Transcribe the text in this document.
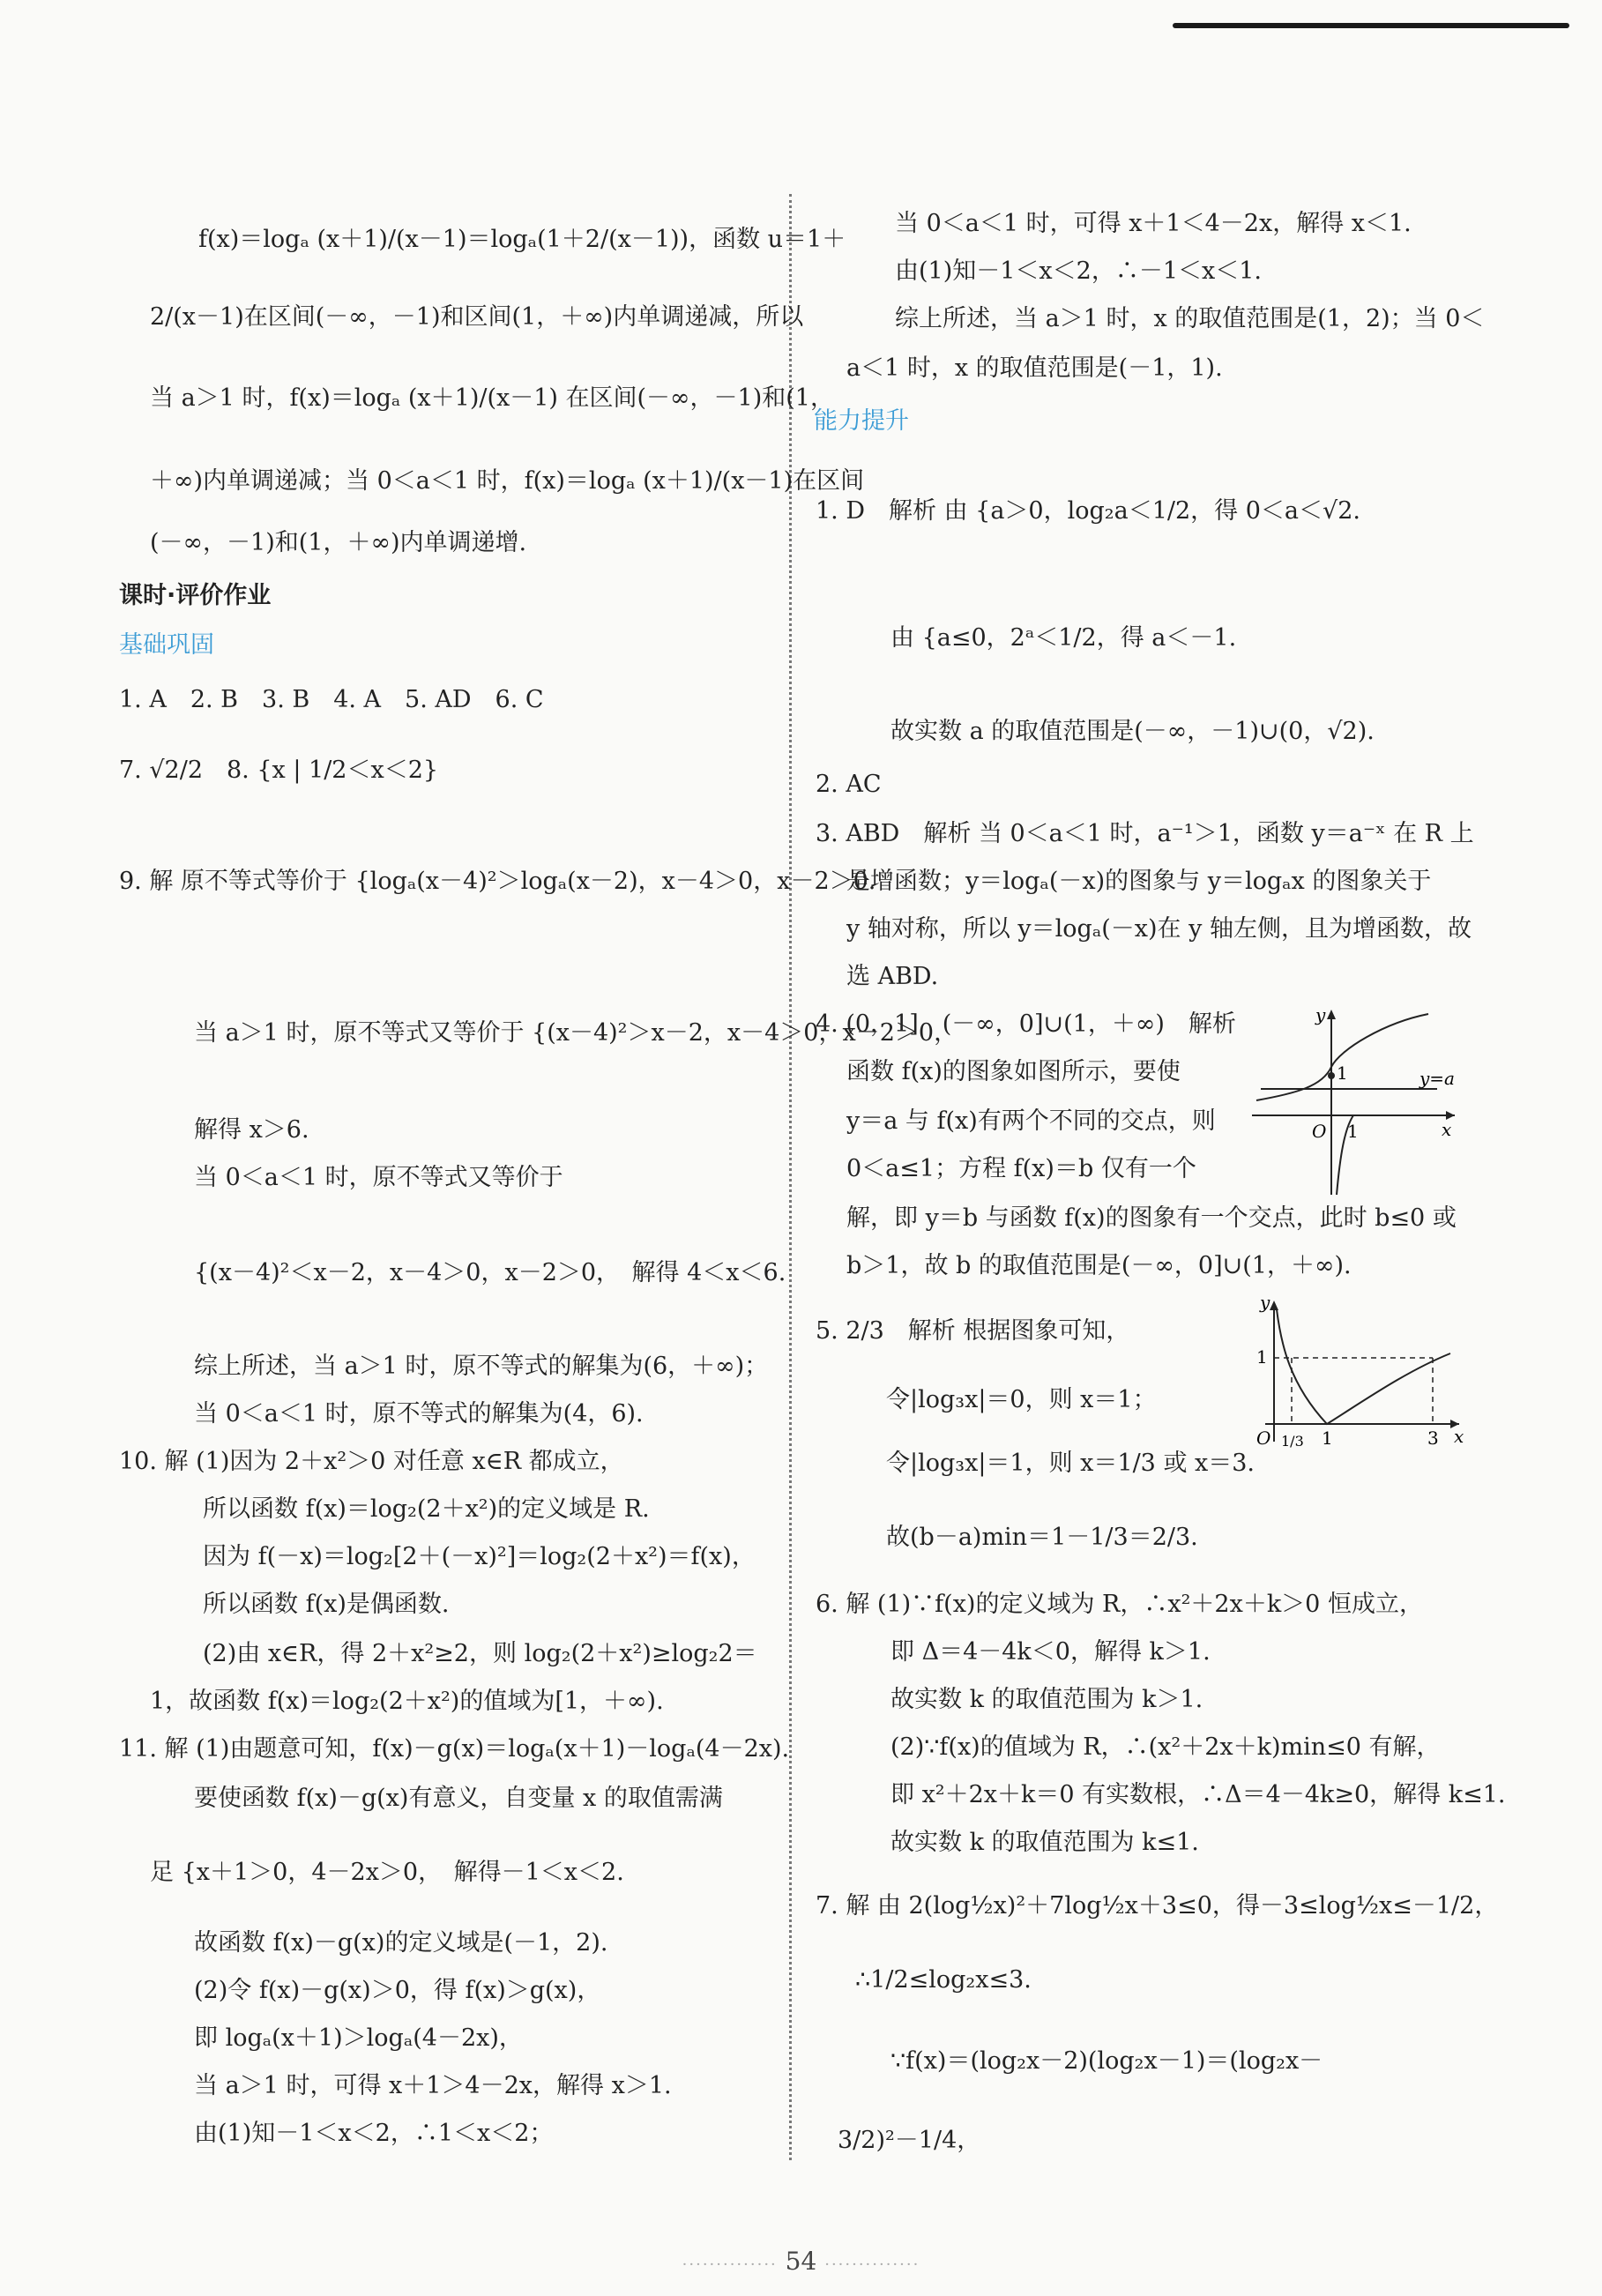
f(x)＝logₐ (x＋1)/(x－1)＝logₐ(1＋2/(x－1))，函数 u＝1＋
2/(x－1)在区间(－∞，－1)和区间(1，＋∞)内单调递减，所以
当 a＞1 时，f(x)＝logₐ (x＋1)/(x－1) 在区间(－∞，－1)和(1，
＋∞)内单调递减；当 0＜a＜1 时，f(x)＝logₐ (x＋1)/(x－1)在区间
(－∞，－1)和(1，＋∞)内单调递增.
课时·评价作业
基础巩固
1. A　2. B　3. B　4. A　5. AD　6. C
7. √2/2　8. {x | 1/2＜x＜2}
9. 解 原不等式等价于 {logₐ(x－4)²＞logₐ(x－2)，x－4＞0，x－2＞0.
当 a＞1 时，原不等式又等价于 {(x－4)²＞x－2，x－4＞0，x－2＞0，
解得 x＞6.
当 0＜a＜1 时，原不等式又等价于
{(x－4)²＜x－2，x－4＞0，x－2＞0，　解得 4＜x＜6.
综上所述，当 a＞1 时，原不等式的解集为(6，＋∞)；
当 0＜a＜1 时，原不等式的解集为(4，6).
10. 解 (1)因为 2＋x²＞0 对任意 x∈R 都成立，
所以函数 f(x)＝log₂(2＋x²)的定义域是 R.
因为 f(－x)＝log₂[2＋(－x)²]＝log₂(2＋x²)＝f(x)，
所以函数 f(x)是偶函数.
(2)由 x∈R，得 2＋x²≥2，则 log₂(2＋x²)≥log₂2＝
1，故函数 f(x)＝log₂(2＋x²)的值域为[1，＋∞).
11. 解 (1)由题意可知，f(x)－g(x)＝logₐ(x＋1)－logₐ(4－2x).
要使函数 f(x)－g(x)有意义，自变量 x 的取值需满
足 {x＋1＞0，4－2x＞0，　解得－1＜x＜2.
故函数 f(x)－g(x)的定义域是(－1，2).
(2)令 f(x)－g(x)＞0，得 f(x)＞g(x)，
即 logₐ(x＋1)＞logₐ(4－2x)，
当 a＞1 时，可得 x＋1＞4－2x，解得 x＞1.
由(1)知－1＜x＜2，∴1＜x＜2；
当 0＜a＜1 时，可得 x＋1＜4－2x，解得 x＜1.
由(1)知－1＜x＜2，∴－1＜x＜1.
综上所述，当 a＞1 时，x 的取值范围是(1，2)；当 0＜
a＜1 时，x 的取值范围是(－1，1).
能力提升
1. D　解析 由 {a＞0，log₂a＜1/2，得 0＜a＜√2.
由 {a≤0，2ᵃ＜1/2，得 a＜－1.
故实数 a 的取值范围是(－∞，－1)∪(0，√2).
2. AC
3. ABD　解析 当 0＜a＜1 时，a⁻¹＞1，函数 y＝a⁻ˣ 在 R 上
是增函数；y＝logₐ(－x)的图象与 y＝logₐx 的图象关于
y 轴对称，所以 y＝logₐ(－x)在 y 轴左侧，且为增函数，故
选 ABD.
4. (0，1]　(－∞，0]∪(1，＋∞)　解析
函数 f(x)的图象如图所示，要使
y＝a 与 f(x)有两个不同的交点，则
0＜a≤1；方程 f(x)＝b 仅有一个
解，即 y＝b 与函数 f(x)的图象有一个交点，此时 b≤0 或
b＞1，故 b 的取值范围是(－∞，0]∪(1，＋∞).
5. 2/3　解析 根据图象可知，
令|log₃x|＝0，则 x＝1；
令|log₃x|＝1，则 x＝1/3 或 x＝3.
故(b－a)min＝1－1/3＝2/3.
6. 解 (1)∵f(x)的定义域为 R，∴x²＋2x＋k＞0 恒成立，
即 Δ＝4－4k＜0，解得 k＞1.
故实数 k 的取值范围为 k＞1.
(2)∵f(x)的值域为 R，∴(x²＋2x＋k)min≤0 有解，
即 x²＋2x＋k＝0 有实数根，∴Δ＝4－4k≥0，解得 k≤1.
故实数 k 的取值范围为 k≤1.
7. 解 由 2(log½x)²＋7log½x＋3≤0，得－3≤log½x≤－1/2，
∴1/2≤log₂x≤3.
∵f(x)＝(log₂x－2)(log₂x－1)＝(log₂x－
3/2)²－1/4，
y
x
O
1
1
y=a
y
x
O
1
1/3 1	3
·············· 54 ··············
